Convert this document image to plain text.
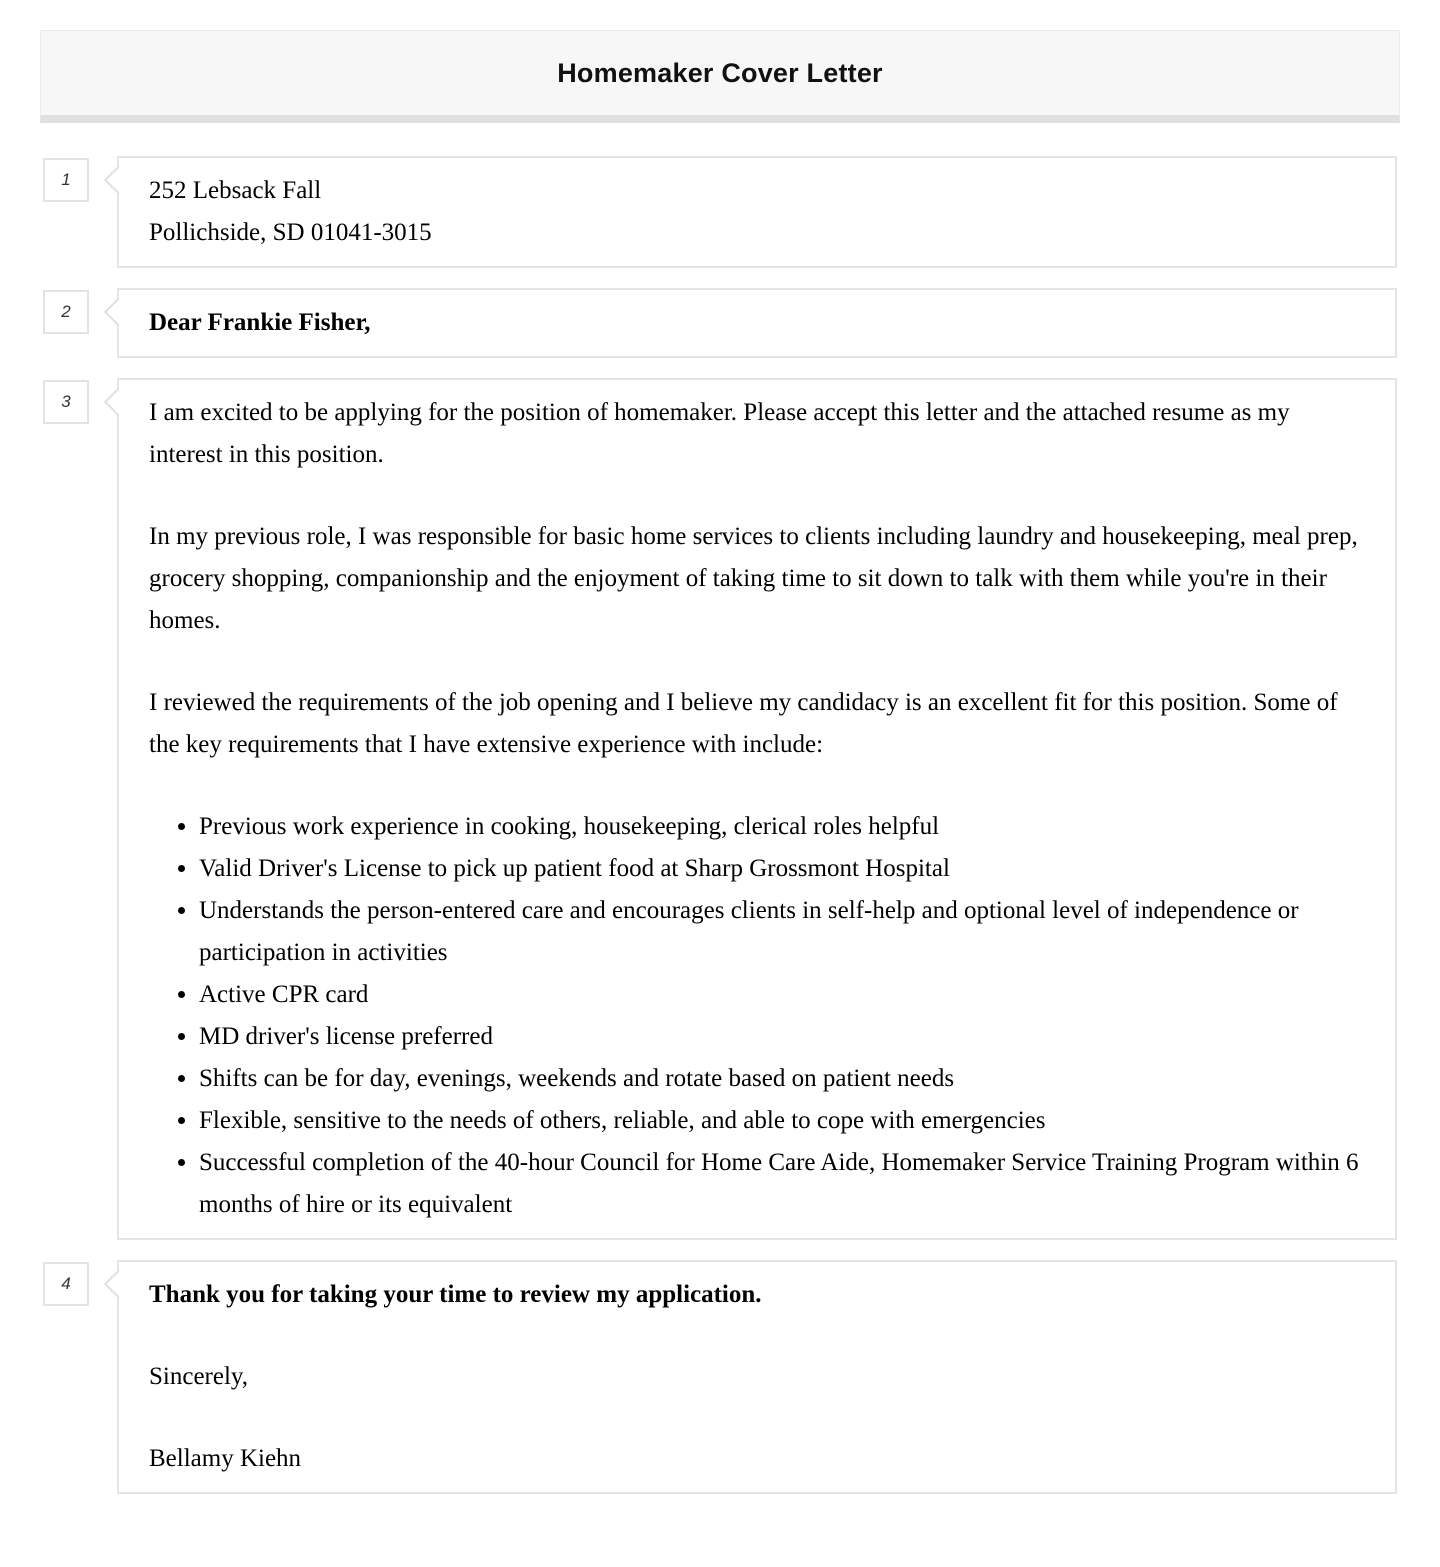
Homemaker Cover Letter
1	252 Lebsack Fall
Pollichside, SD 01041-3015
2	Dear Frankie Fisher,
3	I am excited to be applying for the position of homemaker. Please accept this letter and the attached resume as my interest in this position.

In my previous role, I was responsible for basic home services to clients including laundry and housekeeping, meal prep, grocery shopping, companionship and the enjoyment of taking time to sit down to talk with them while you're in their homes.

I reviewed the requirements of the job opening and I believe my candidacy is an excellent fit for this position. Some of the key requirements that I have extensive experience with include:

• Previous work experience in cooking, housekeeping, clerical roles helpful
• Valid Driver's License to pick up patient food at Sharp Grossmont Hospital
• Understands the person-entered care and encourages clients in self-help and optional level of independence or participation in activities
• Active CPR card
• MD driver's license preferred
• Shifts can be for day, evenings, weekends and rotate based on patient needs
• Flexible, sensitive to the needs of others, reliable, and able to cope with emergencies
• Successful completion of the 40-hour Council for Home Care Aide, Homemaker Service Training Program within 6 months of hire or its equivalent
4	Thank you for taking your time to review my application.

Sincerely,

Bellamy Kiehn
